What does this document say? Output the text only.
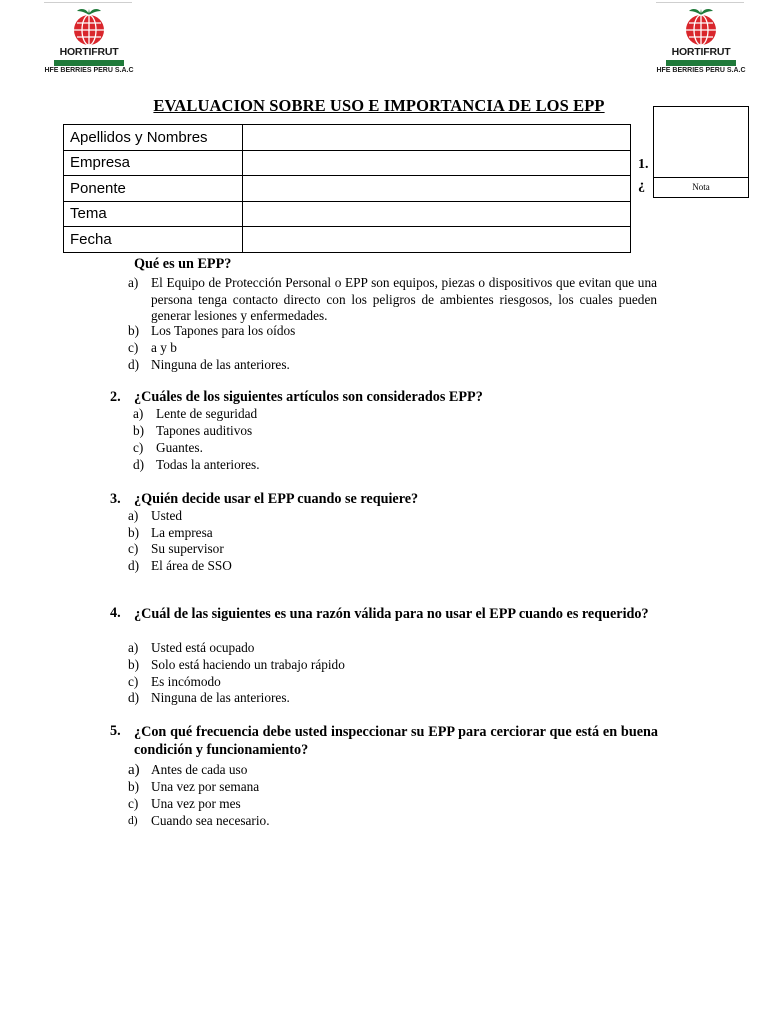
HORTIFRUT
HFE BERRIES PERU S.A.C
HORTIFRUT
HFE BERRIES PERU S.A.C
EVALUACION SOBRE USO E IMPORTANCIA DE LOS EPP
Apellidos y Nombres	
Empresa	
Ponente	
Tema	
Fecha	
Nota
1.
¿
Qué es un EPP?
a) El Equipo de Protección Personal o EPP son equipos, piezas o dispositivos que evitan que una persona tenga contacto directo con los peligros de ambientes riesgosos, los cuales pueden generar lesiones y enfermedades.
b) Los Tapones para los oídos
c) a y b
d) Ninguna de las anteriores.
2. ¿Cuáles de los siguientes artículos son considerados EPP?
a) Lente de seguridad
b) Tapones auditivos
c) Guantes.
d) Todas la anteriores.
3. ¿Quién decide usar el EPP cuando se requiere?
a) Usted
b) La empresa
c) Su supervisor
d) El área de SSO
4. ¿Cuál de las siguientes es una razón válida para no usar el EPP cuando es requerido?
a) Usted está ocupado
b) Solo está haciendo un trabajo rápido
c) Es incómodo
d) Ninguna de las anteriores.
5. ¿Con qué frecuencia debe usted inspeccionar su EPP para cerciorar que está en buena condición y funcionamiento?
a) Antes de cada uso
b) Una vez por semana
c) Una vez por mes
d) Cuando sea necesario.
